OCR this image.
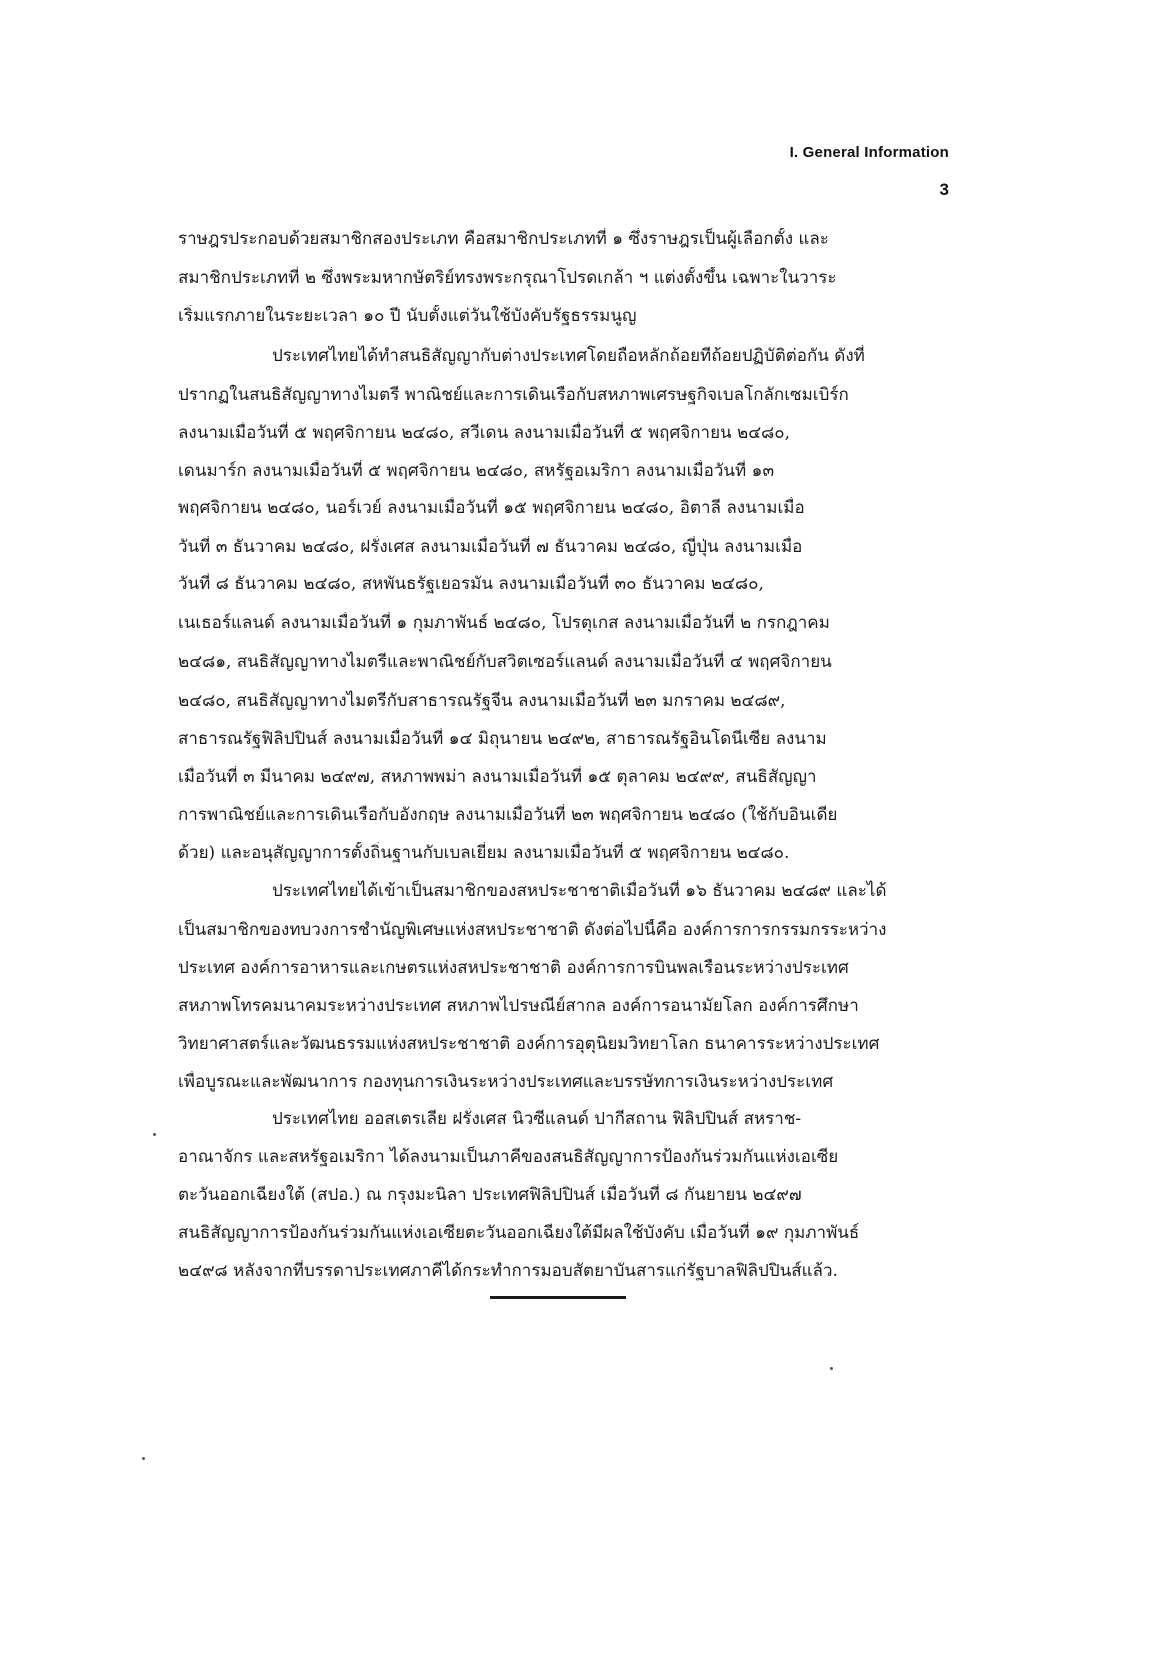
I. General Information
3
ราษฎรประกอบด้วยสมาชิกสองประเภท คือสมาชิกประเภทที่ ๑ ซึ่งราษฎรเป็นผู้เลือกตั้ง และ
สมาชิกประเภทที่ ๒ ซึ่งพระมหากษัตริย์ทรงพระกรุณาโปรดเกล้า ฯ แต่งตั้งขึ้น เฉพาะในวาระ
เริ่มแรกภายในระยะเวลา ๑๐ ปี นับตั้งแต่วันใช้บังคับรัฐธรรมนูญ
ประเทศไทยได้ทำสนธิสัญญากับต่างประเทศโดยถือหลักถ้อยทีถ้อยปฏิบัติต่อกัน ดังที่
ปรากฏในสนธิสัญญาทางไมตรี พาณิชย์และการเดินเรือกับสหภาพเศรษฐกิจเบลโกลักเซมเบิร์ก
ลงนามเมื่อวันที่ ๕ พฤศจิกายน ๒๔๘๐, สวีเดน ลงนามเมื่อวันที่ ๕ พฤศจิกายน ๒๔๘๐,
เดนมาร์ก ลงนามเมื่อวันที่ ๕ พฤศจิกายน ๒๔๘๐, สหรัฐอเมริกา ลงนามเมื่อวันที่ ๑๓
พฤศจิกายน ๒๔๘๐, นอร์เวย์ ลงนามเมื่อวันที่ ๑๕ พฤศจิกายน ๒๔๘๐, อิตาลี ลงนามเมื่อ
วันที่ ๓ ธันวาคม ๒๔๘๐, ฝรั่งเศส ลงนามเมื่อวันที่ ๗ ธันวาคม ๒๔๘๐, ญี่ปุ่น ลงนามเมื่อ
วันที่ ๘ ธันวาคม ๒๔๘๐, สหพันธรัฐเยอรมัน ลงนามเมื่อวันที่ ๓๐ ธันวาคม ๒๔๘๐,
เนเธอร์แลนด์ ลงนามเมื่อวันที่ ๑ กุมภาพันธ์ ๒๔๘๐, โปรตุเกส ลงนามเมื่อวันที่ ๒ กรกฎาคม
๒๔๘๑, สนธิสัญญาทางไมตรีและพาณิชย์กับสวิตเซอร์แลนด์ ลงนามเมื่อวันที่ ๔ พฤศจิกายน
๒๔๘๐, สนธิสัญญาทางไมตรีกับสาธารณรัฐจีน ลงนามเมื่อวันที่ ๒๓ มกราคม ๒๔๘๙,
สาธารณรัฐฟิลิปปินส์ ลงนามเมื่อวันที่ ๑๔ มิถุนายน ๒๔๙๒, สาธารณรัฐอินโดนีเซีย ลงนาม
เมื่อวันที่ ๓ มีนาคม ๒๔๙๗, สหภาพพม่า ลงนามเมื่อวันที่ ๑๕ ตุลาคม ๒๔๙๙, สนธิสัญญา
การพาณิชย์และการเดินเรือกับอังกฤษ ลงนามเมื่อวันที่ ๒๓ พฤศจิกายน ๒๔๘๐ (ใช้กับอินเดีย
ด้วย) และอนุสัญญาการตั้งถิ่นฐานกับเบลเยี่ยม ลงนามเมื่อวันที่ ๕ พฤศจิกายน ๒๔๘๐.
ประเทศไทยได้เข้าเป็นสมาชิกของสหประชาชาติเมื่อวันที่ ๑๖ ธันวาคม ๒๔๘๙ และได้
เป็นสมาชิกของทบวงการชำนัญพิเศษแห่งสหประชาชาติ ดังต่อไปนี้คือ องค์การการกรรมกรระหว่าง
ประเทศ องค์การอาหารและเกษตรแห่งสหประชาชาติ องค์การการบินพลเรือนระหว่างประเทศ
สหภาพโทรคมนาคมระหว่างประเทศ สหภาพไปรษณีย์สากล องค์การอนามัยโลก องค์การศึกษา
วิทยาศาสตร์และวัฒนธรรมแห่งสหประชาชาติ องค์การอุตุนิยมวิทยาโลก ธนาคารระหว่างประเทศ
เพื่อบูรณะและพัฒนาการ กองทุนการเงินระหว่างประเทศและบรรษัทการเงินระหว่างประเทศ
ประเทศไทย ออสเตรเลีย ฝรั่งเศส นิวซีแลนด์ ปากีสถาน ฟิลิปปินส์ สหราช-
อาณาจักร และสหรัฐอเมริกา ได้ลงนามเป็นภาคีของสนธิสัญญาการป้องกันร่วมกันแห่งเอเซีย
ตะวันออกเฉียงใต้ (สปอ.) ณ กรุงมะนิลา ประเทศฟิลิปปินส์ เมื่อวันที่ ๘ กันยายน ๒๔๙๗
สนธิสัญญาการป้องกันร่วมกันแห่งเอเซียตะวันออกเฉียงใต้มีผลใช้บังคับ เมื่อวันที่ ๑๙ กุมภาพันธ์
๒๔๙๘ หลังจากที่บรรดาประเทศภาคีได้กระทำการมอบสัตยาบันสารแก่รัฐบาลฟิลิปปินส์แล้ว.
